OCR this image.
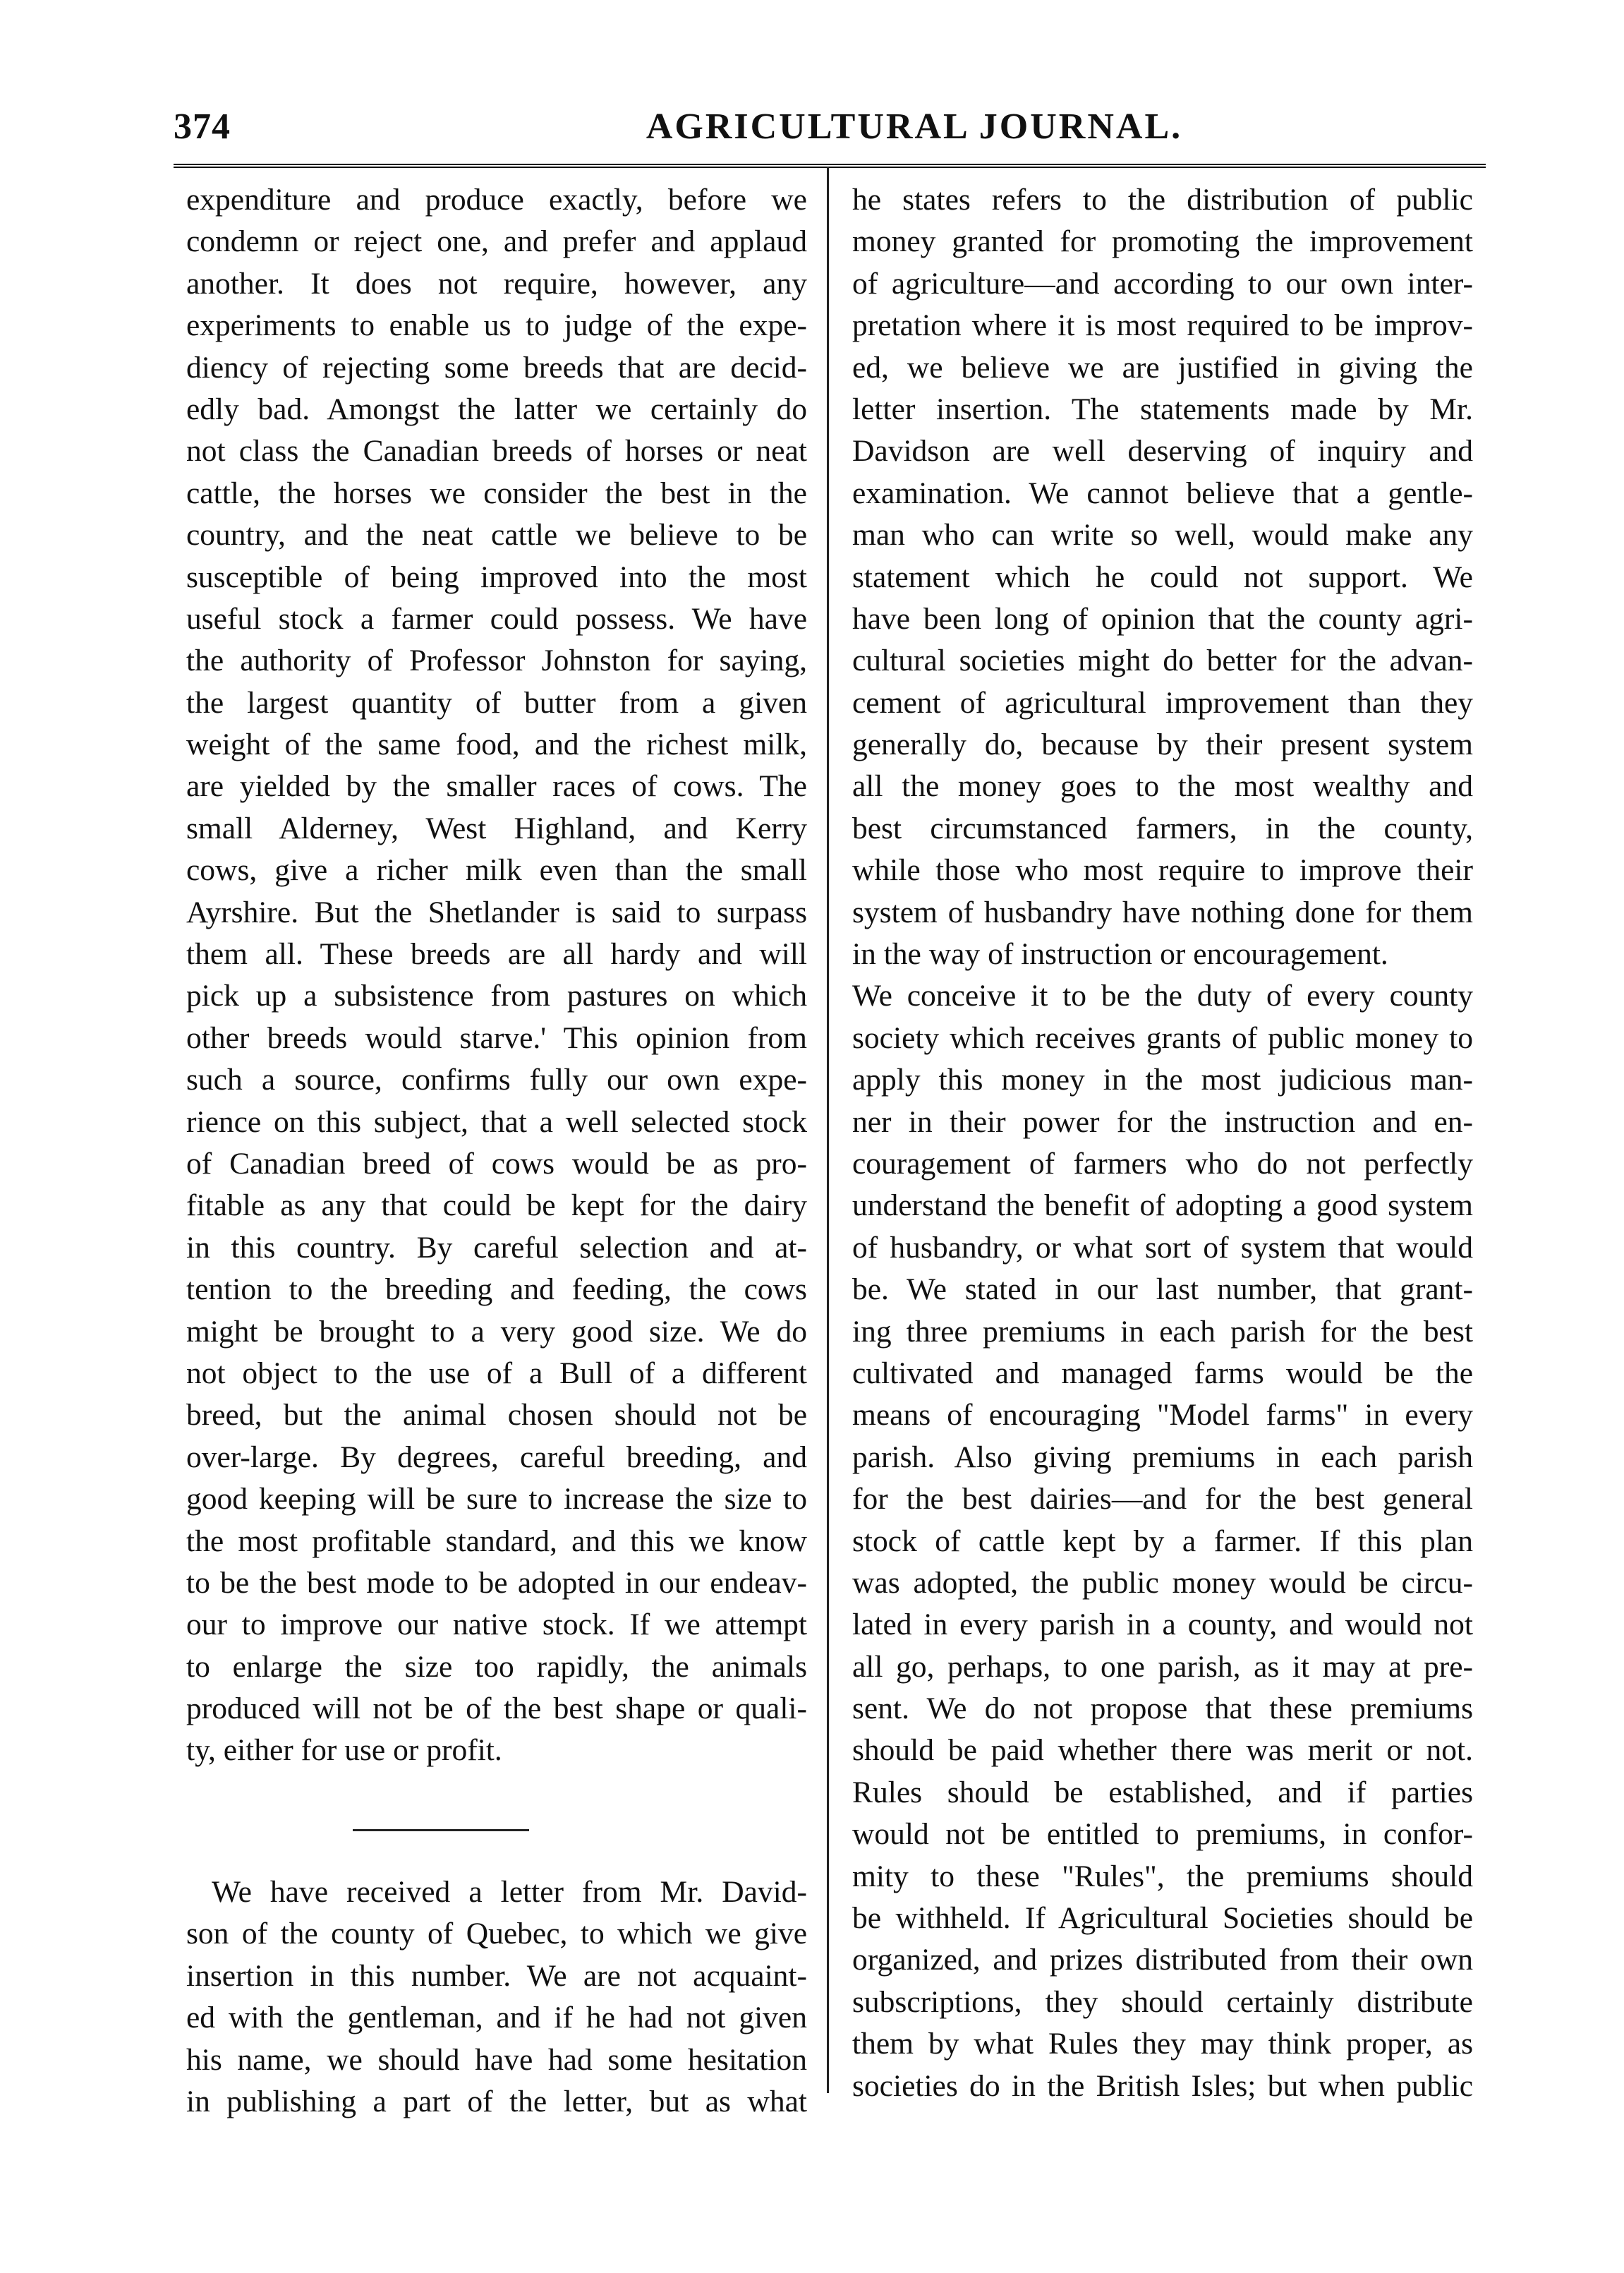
374	AGRICULTURAL JOURNAL.
expenditure and produce exactly, before we
condemn or reject one, and prefer and applaud
another. It does not require, however, any
experiments to enable us to judge of the expe-
diency of rejecting some breeds that are decid-
edly bad. Amongst the latter we certainly do
not class the Canadian breeds of horses or neat
cattle, the horses we consider the best in the
country, and the neat cattle we believe to be
susceptible of being improved into the most
useful stock a farmer could possess. We have
the authority of Professor Johnston for saying,
the largest quantity of butter from a given
weight of the same food, and the richest milk,
are yielded by the smaller races of cows. The
small Alderney, West Highland, and Kerry
cows, give a richer milk even than the small
Ayrshire. But the Shetlander is said to surpass
them all. These breeds are all hardy and will
pick up a subsistence from pastures on which
other breeds would starve.' This opinion from
such a source, confirms fully our own expe-
rience on this subject, that a well selected stock
of Canadian breed of cows would be as pro-
fitable as any that could be kept for the dairy
in this country. By careful selection and at-
tention to the breeding and feeding, the cows
might be brought to a very good size. We do
not object to the use of a Bull of a different
breed, but the animal chosen should not be
over-large. By degrees, careful breeding, and
good keeping will be sure to increase the size to
the most profitable standard, and this we know
to be the best mode to be adopted in our endeav-
our to improve our native stock. If we attempt
to enlarge the size too rapidly, the animals
produced will not be of the best shape or quali-
ty, either for use or profit.
We have received a letter from Mr. David-
son of the county of Quebec, to which we give
insertion in this number. We are not acquaint-
ed with the gentleman, and if he had not given
his name, we should have had some hesitation
in publishing a part of the letter, but as what
he states refers to the distribution of public
money granted for promoting the improvement
of agriculture—and according to our own inter-
pretation where it is most required to be improv-
ed, we believe we are justified in giving the
letter insertion. The statements made by Mr.
Davidson are well deserving of inquiry and
examination. We cannot believe that a gentle-
man who can write so well, would make any
statement which he could not support. We
have been long of opinion that the county agri-
cultural societies might do better for the advan-
cement of agricultural improvement than they
generally do, because by their present system
all the money goes to the most wealthy and
best circumstanced farmers, in the county,
while those who most require to improve their
system of husbandry have nothing done for them
in the way of instruction or encouragement.
We conceive it to be the duty of every county
society which receives grants of public money to
apply this money in the most judicious man-
ner in their power for the instruction and en-
couragement of farmers who do not perfectly
understand the benefit of adopting a good system
of husbandry, or what sort of system that would
be. We stated in our last number, that grant-
ing three premiums in each parish for the best
cultivated and managed farms would be the
means of encouraging "Model farms" in every
parish. Also giving premiums in each parish
for the best dairies—and for the best general
stock of cattle kept by a farmer. If this plan
was adopted, the public money would be circu-
lated in every parish in a county, and would not
all go, perhaps, to one parish, as it may at pre-
sent. We do not propose that these premiums
should be paid whether there was merit or not.
Rules should be established, and if parties
would not be entitled to premiums, in confor-
mity to these "Rules", the premiums should
be withheld. If Agricultural Societies should be
organized, and prizes distributed from their own
subscriptions, they should certainly distribute
them by what Rules they may think proper, as
societies do in the British Isles; but when public
